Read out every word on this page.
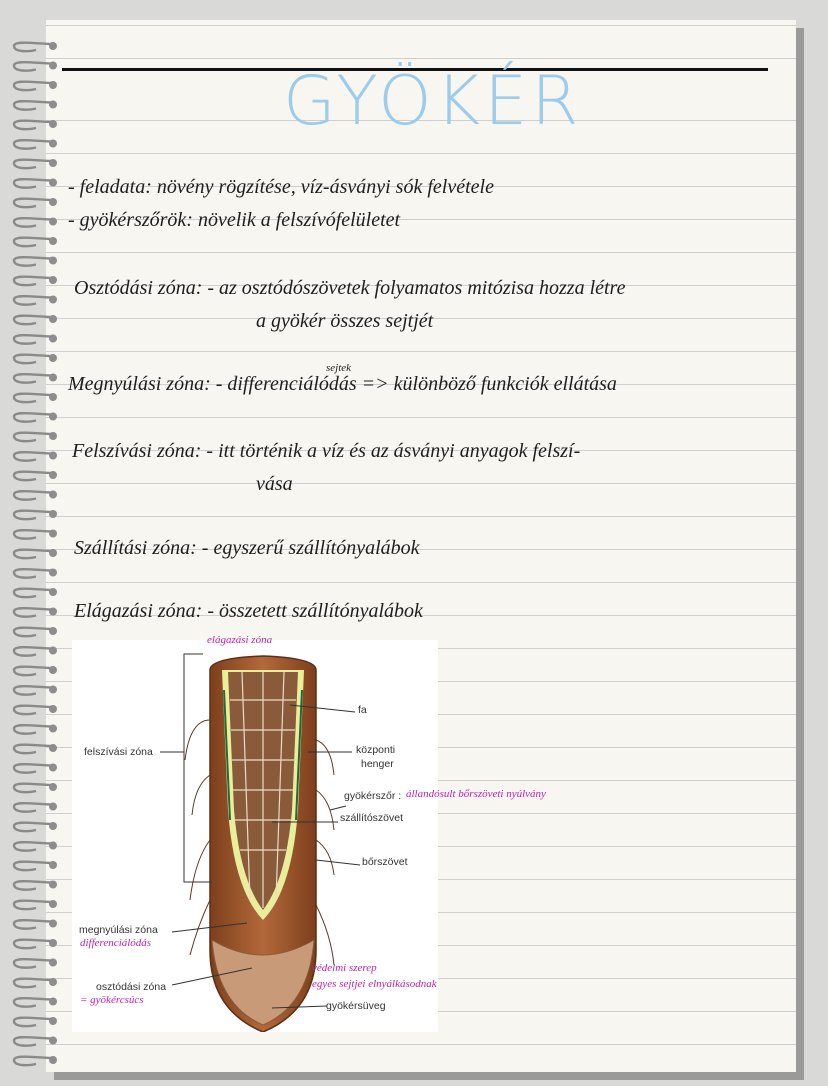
GYÖKÉR
- feladata: növény rögzítése, víz-ásványi sók felvétele
- gyökérszőrök: növelik a felszívófelületet
Osztódási zóna: - az osztódószövetek folyamatos mitózisa hozza létre
a gyökér összes sejtjét
sejtek
Megnyúlási zóna: - differenciálódás => különböző funkciók ellátása
Felszívási zóna: - itt történik a víz és az ásványi anyagok felszí-
vása
Szállítási zóna: - egyszerű szállítónyalábok
Elágazási zóna: - összetett szállítónyalábok
elágazási zóna
fa
felszívási zóna	központi
henger
gyökérszőr : állandósult bőrszöveti nyúlvány
szállítószövet
bőrszövet
megnyúlási zóna
differenciálódás
védelmi szerep
egyes sejtjei elnyálkásodnak
osztódási zóna
= gyökércsúcs	gyökérsüveg
